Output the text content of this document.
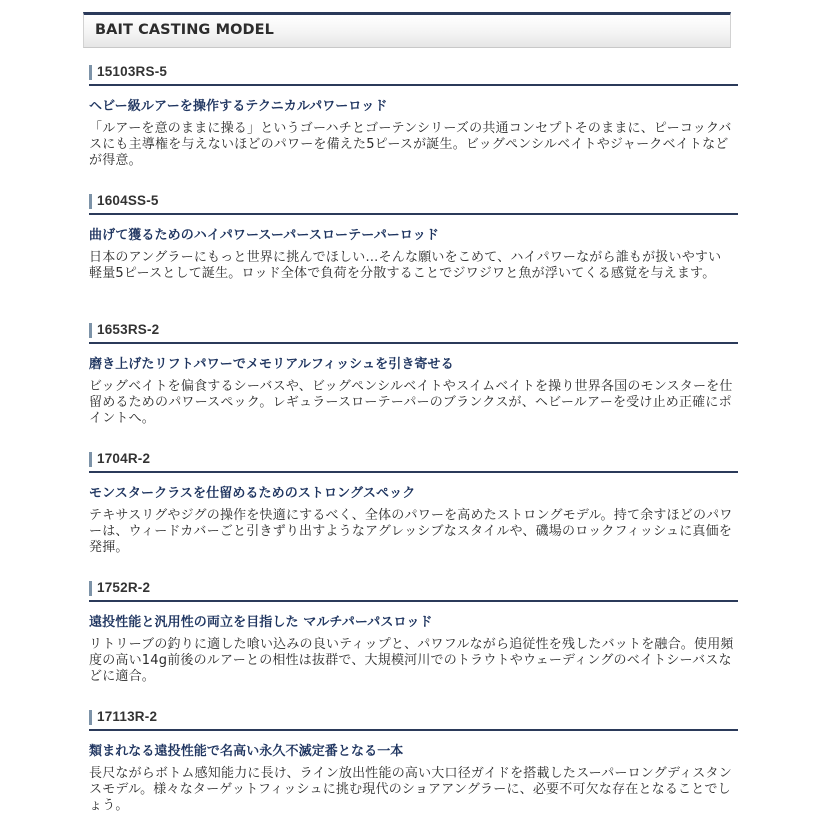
BAIT CASTING MODEL
15103RS-5
ヘビー級ルアーを操作するテクニカルパワーロッド

「ルアーを意のままに操る」というゴーハチとゴーテンシリーズの共通コンセプトそのままに、ピーコックバスにも主導権を与えないほどのパワーを備えた5ピースが誕生。ビッグペンシルベイトやジャークベイトなどが得意。

1604SS-5
曲げて獲るためのハイパワースーパースローテーパーロッド

日本のアングラーにもっと世界に挑んでほしい…そんな願いをこめて、ハイパワーながら誰もが扱いやすい軽量5ピースとして誕生。ロッド全体で負荷を分散することでジワジワと魚が浮いてくる感覚を与えます。

1653RS-2
磨き上げたリフトパワーでメモリアルフィッシュを引き寄せる

ビッグベイトを偏食するシーバスや、ビッグペンシルベイトやスイムベイトを操り世界各国のモンスターを仕留めるためのパワースペック。レギュラースローテーパーのブランクスが、ヘビールアーを受け止め正確にポイントへ。

1704R-2
モンスタークラスを仕留めるためのストロングスペック

テキサスリグやジグの操作を快適にするべく、全体のパワーを高めたストロングモデル。持て余すほどのパワーは、ウィードカバーごと引きずり出すようなアグレッシブなスタイルや、磯場のロックフィッシュに真価を発揮。

1752R-2
遠投性能と汎用性の両立を目指した マルチパーパスロッド

リトリーブの釣りに適した喰い込みの良いティップと、パワフルながら追従性を残したバットを融合。使用頻度の高い14g前後のルアーとの相性は抜群で、大規模河川でのトラウトやウェーディングのベイトシーバスなどに適合。

17113R-2
類まれなる遠投性能で名高い永久不滅定番となる一本

長尺ながらボトム感知能力に長け、ライン放出性能の高い大口径ガイドを搭載したスーパーロングディスタンスモデル。様々なターゲットフィッシュに挑む現代のショアアングラーに、必要不可欠な存在となることでしょう。
